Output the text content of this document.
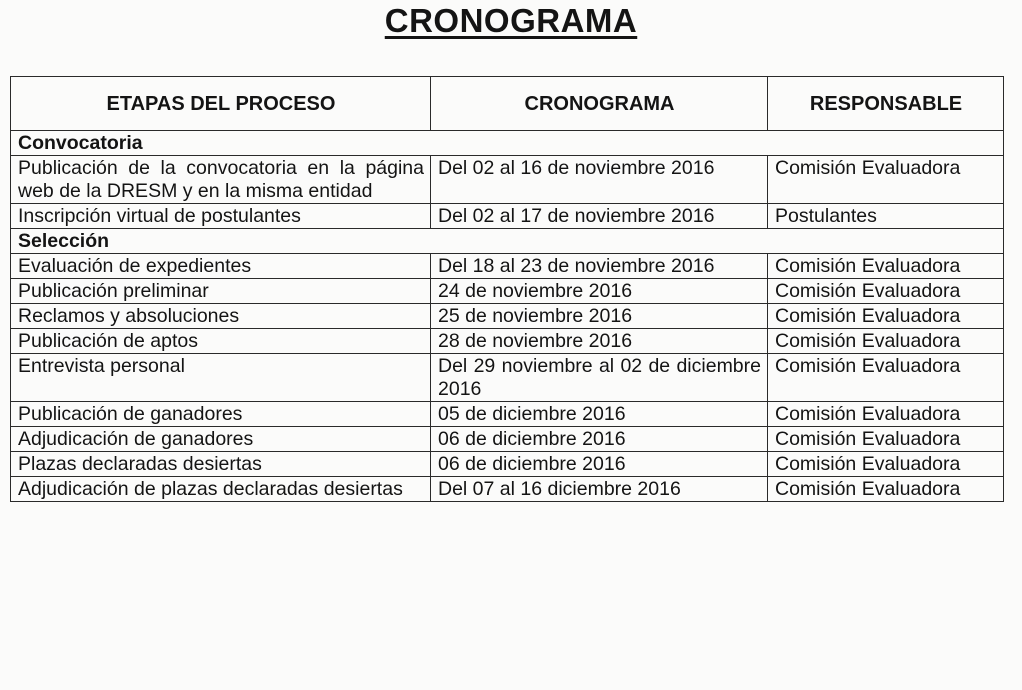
CRONOGRAMA
ETAPAS DEL PROCESO	CRONOGRAMA	RESPONSABLE
Convocatoria		
Publicación de la convocatoria en la página web de la DRESM y en la misma entidad	Del 02 al 16 de noviembre 2016	Comisión Evaluadora
Inscripción virtual de postulantes	Del 02 al 17 de noviembre 2016	Postulantes
Selección		
Evaluación de expedientes	Del 18 al 23 de noviembre 2016	Comisión Evaluadora
Publicación preliminar	24 de noviembre 2016	Comisión Evaluadora
Reclamos y absoluciones	25 de noviembre 2016	Comisión Evaluadora
Publicación de aptos	28 de noviembre 2016	Comisión Evaluadora
Entrevista personal	Del 29 noviembre al 02 de diciembre 2016	Comisión Evaluadora
Publicación de ganadores	05 de diciembre 2016	Comisión Evaluadora
Adjudicación de ganadores	06 de diciembre 2016	Comisión Evaluadora
Plazas declaradas desiertas	06 de diciembre 2016	Comisión Evaluadora
Adjudicación de plazas declaradas desiertas	Del 07 al 16 diciembre 2016	Comisión Evaluadora
